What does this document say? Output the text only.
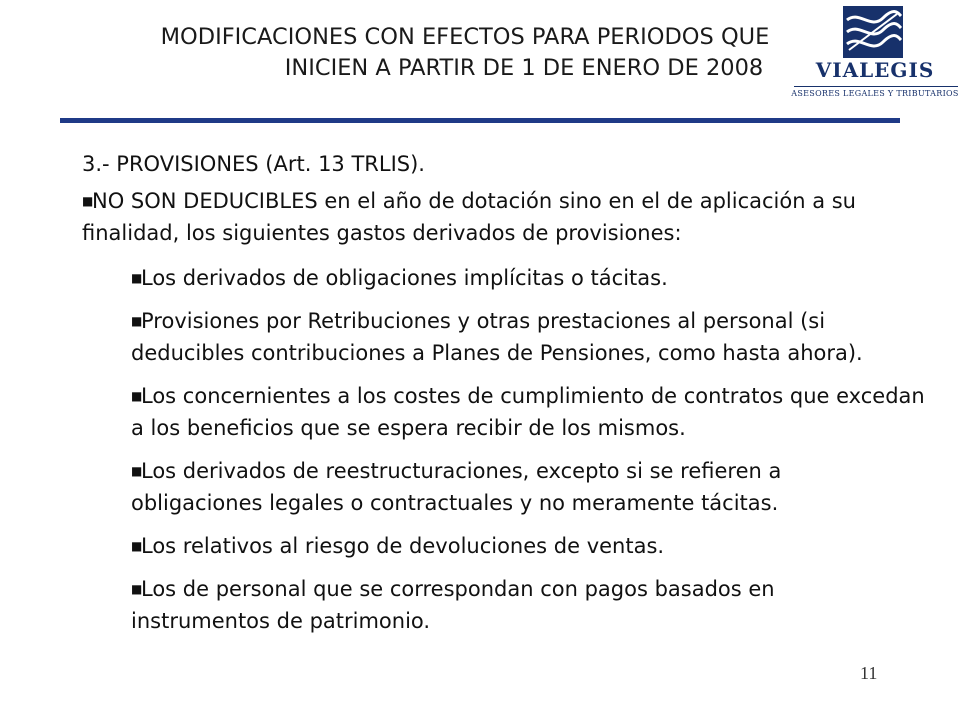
MODIFICACIONES CON EFECTOS PARA PERIODOS QUE
INICIEN A PARTIR DE 1 DE ENERO DE 2008	VIALEGIS
ASESORES LEGALES Y TRIBUTARIOS
3.- PROVISIONES (Art. 13 TRLIS).
■NO SON DEDUCIBLES en el año de dotación sino en el de aplicación a su finalidad, los siguientes gastos derivados de provisiones:
■Los derivados de obligaciones implícitas o tácitas.
■Provisiones por Retribuciones y otras prestaciones al personal (si deducibles contribuciones a Planes de Pensiones, como hasta ahora).
■Los concernientes a los costes de cumplimiento de contratos que excedan a los beneficios que se espera recibir de los mismos.
■Los derivados de reestructuraciones, excepto si se refieren a obligaciones legales o contractuales y no meramente tácitas.
■Los relativos al riesgo de devoluciones de ventas.
■Los de personal que se correspondan con pagos basados en instrumentos de patrimonio.
11
